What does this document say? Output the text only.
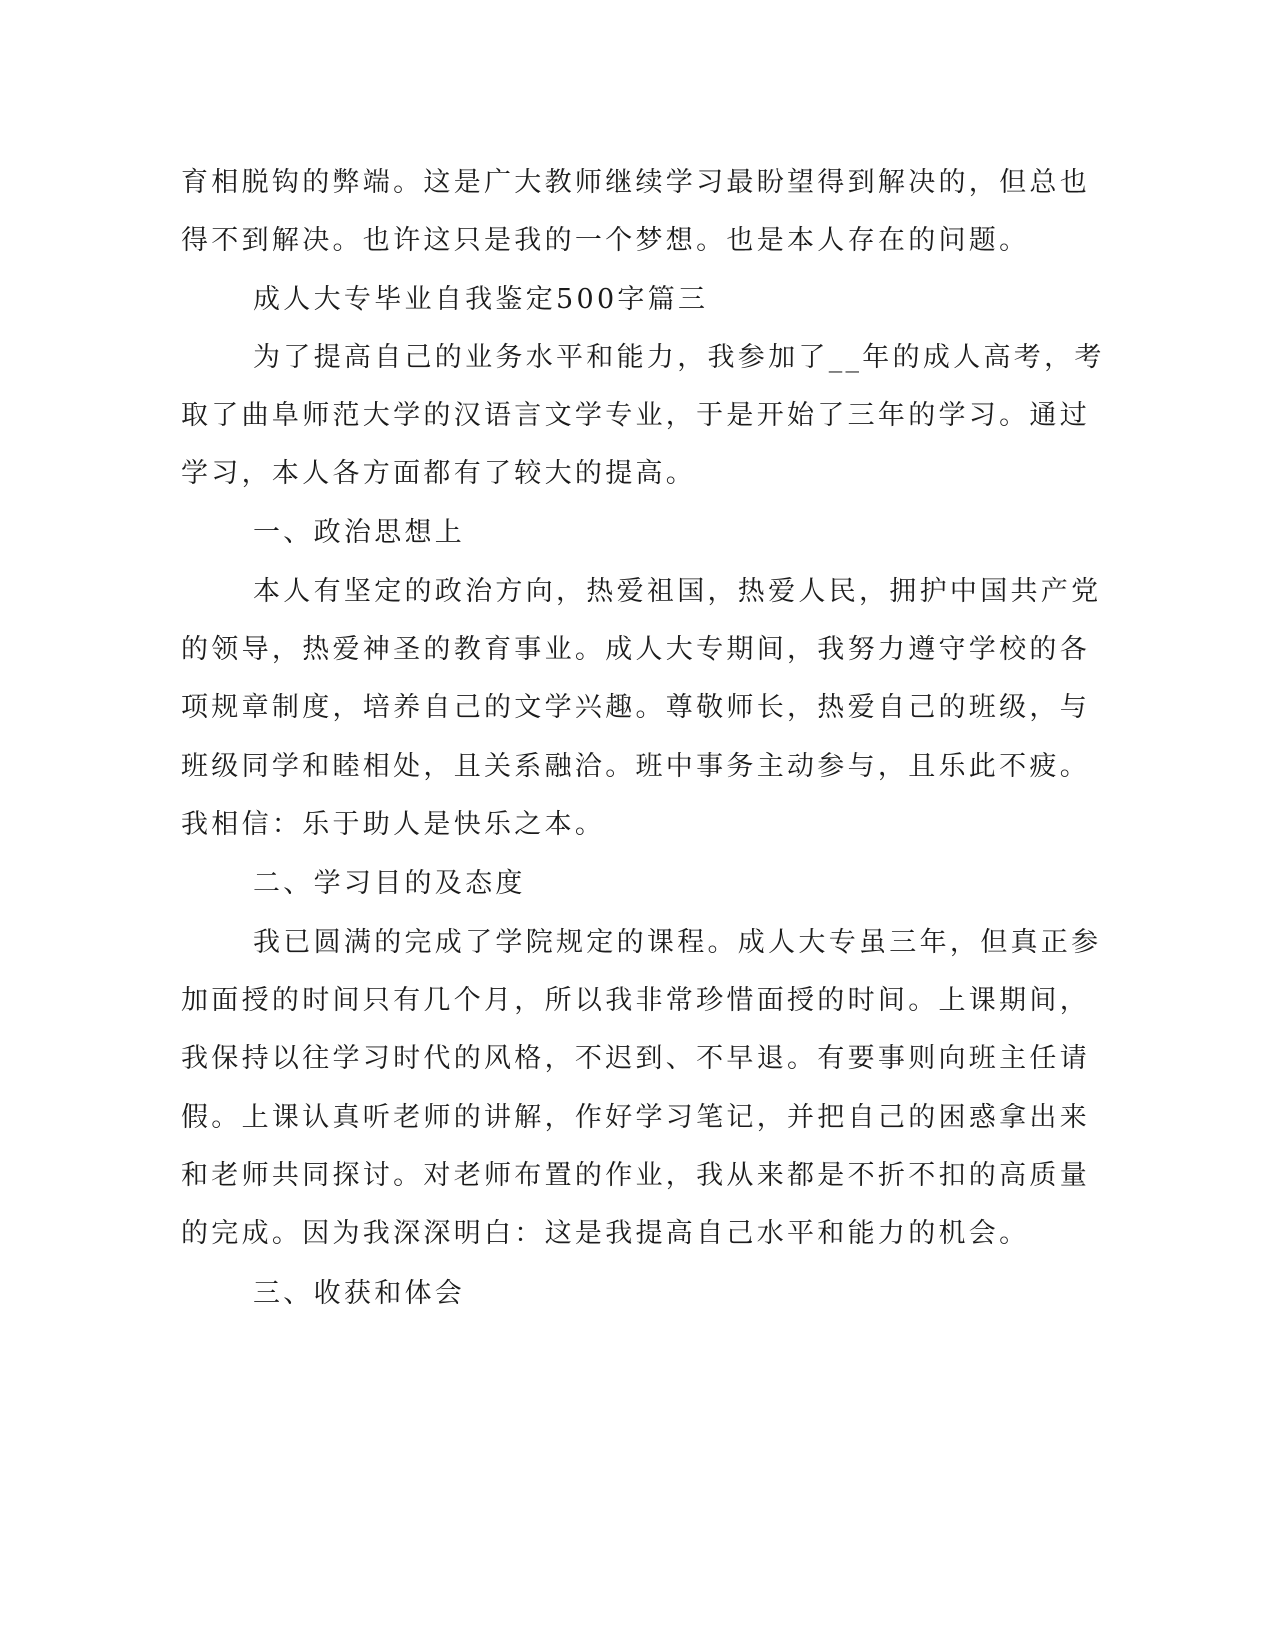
育相脱钩的弊端。这是广大教师继续学习最盼望得到解决的，但总也
得不到解决。也许这只是我的一个梦想。也是本人存在的问题。
成人大专毕业自我鉴定500字篇三
为了提高自己的业务水平和能力，我参加了__年的成人高考，考
取了曲阜师范大学的汉语言文学专业，于是开始了三年的学习。通过
学习，本人各方面都有了较大的提高。
一、政治思想上
本人有坚定的政治方向，热爱祖国，热爱人民，拥护中国共产党
的领导，热爱神圣的教育事业。成人大专期间，我努力遵守学校的各
项规章制度，培养自己的文学兴趣。尊敬师长，热爱自己的班级，与
班级同学和睦相处，且关系融洽。班中事务主动参与，且乐此不疲。
我相信：乐于助人是快乐之本。
二、学习目的及态度
我已圆满的完成了学院规定的课程。成人大专虽三年，但真正参
加面授的时间只有几个月，所以我非常珍惜面授的时间。上课期间，
我保持以往学习时代的风格，不迟到、不早退。有要事则向班主任请
假。上课认真听老师的讲解，作好学习笔记，并把自己的困惑拿出来
和老师共同探讨。对老师布置的作业，我从来都是不折不扣的高质量
的完成。因为我深深明白：这是我提高自己水平和能力的机会。
三、收获和体会
